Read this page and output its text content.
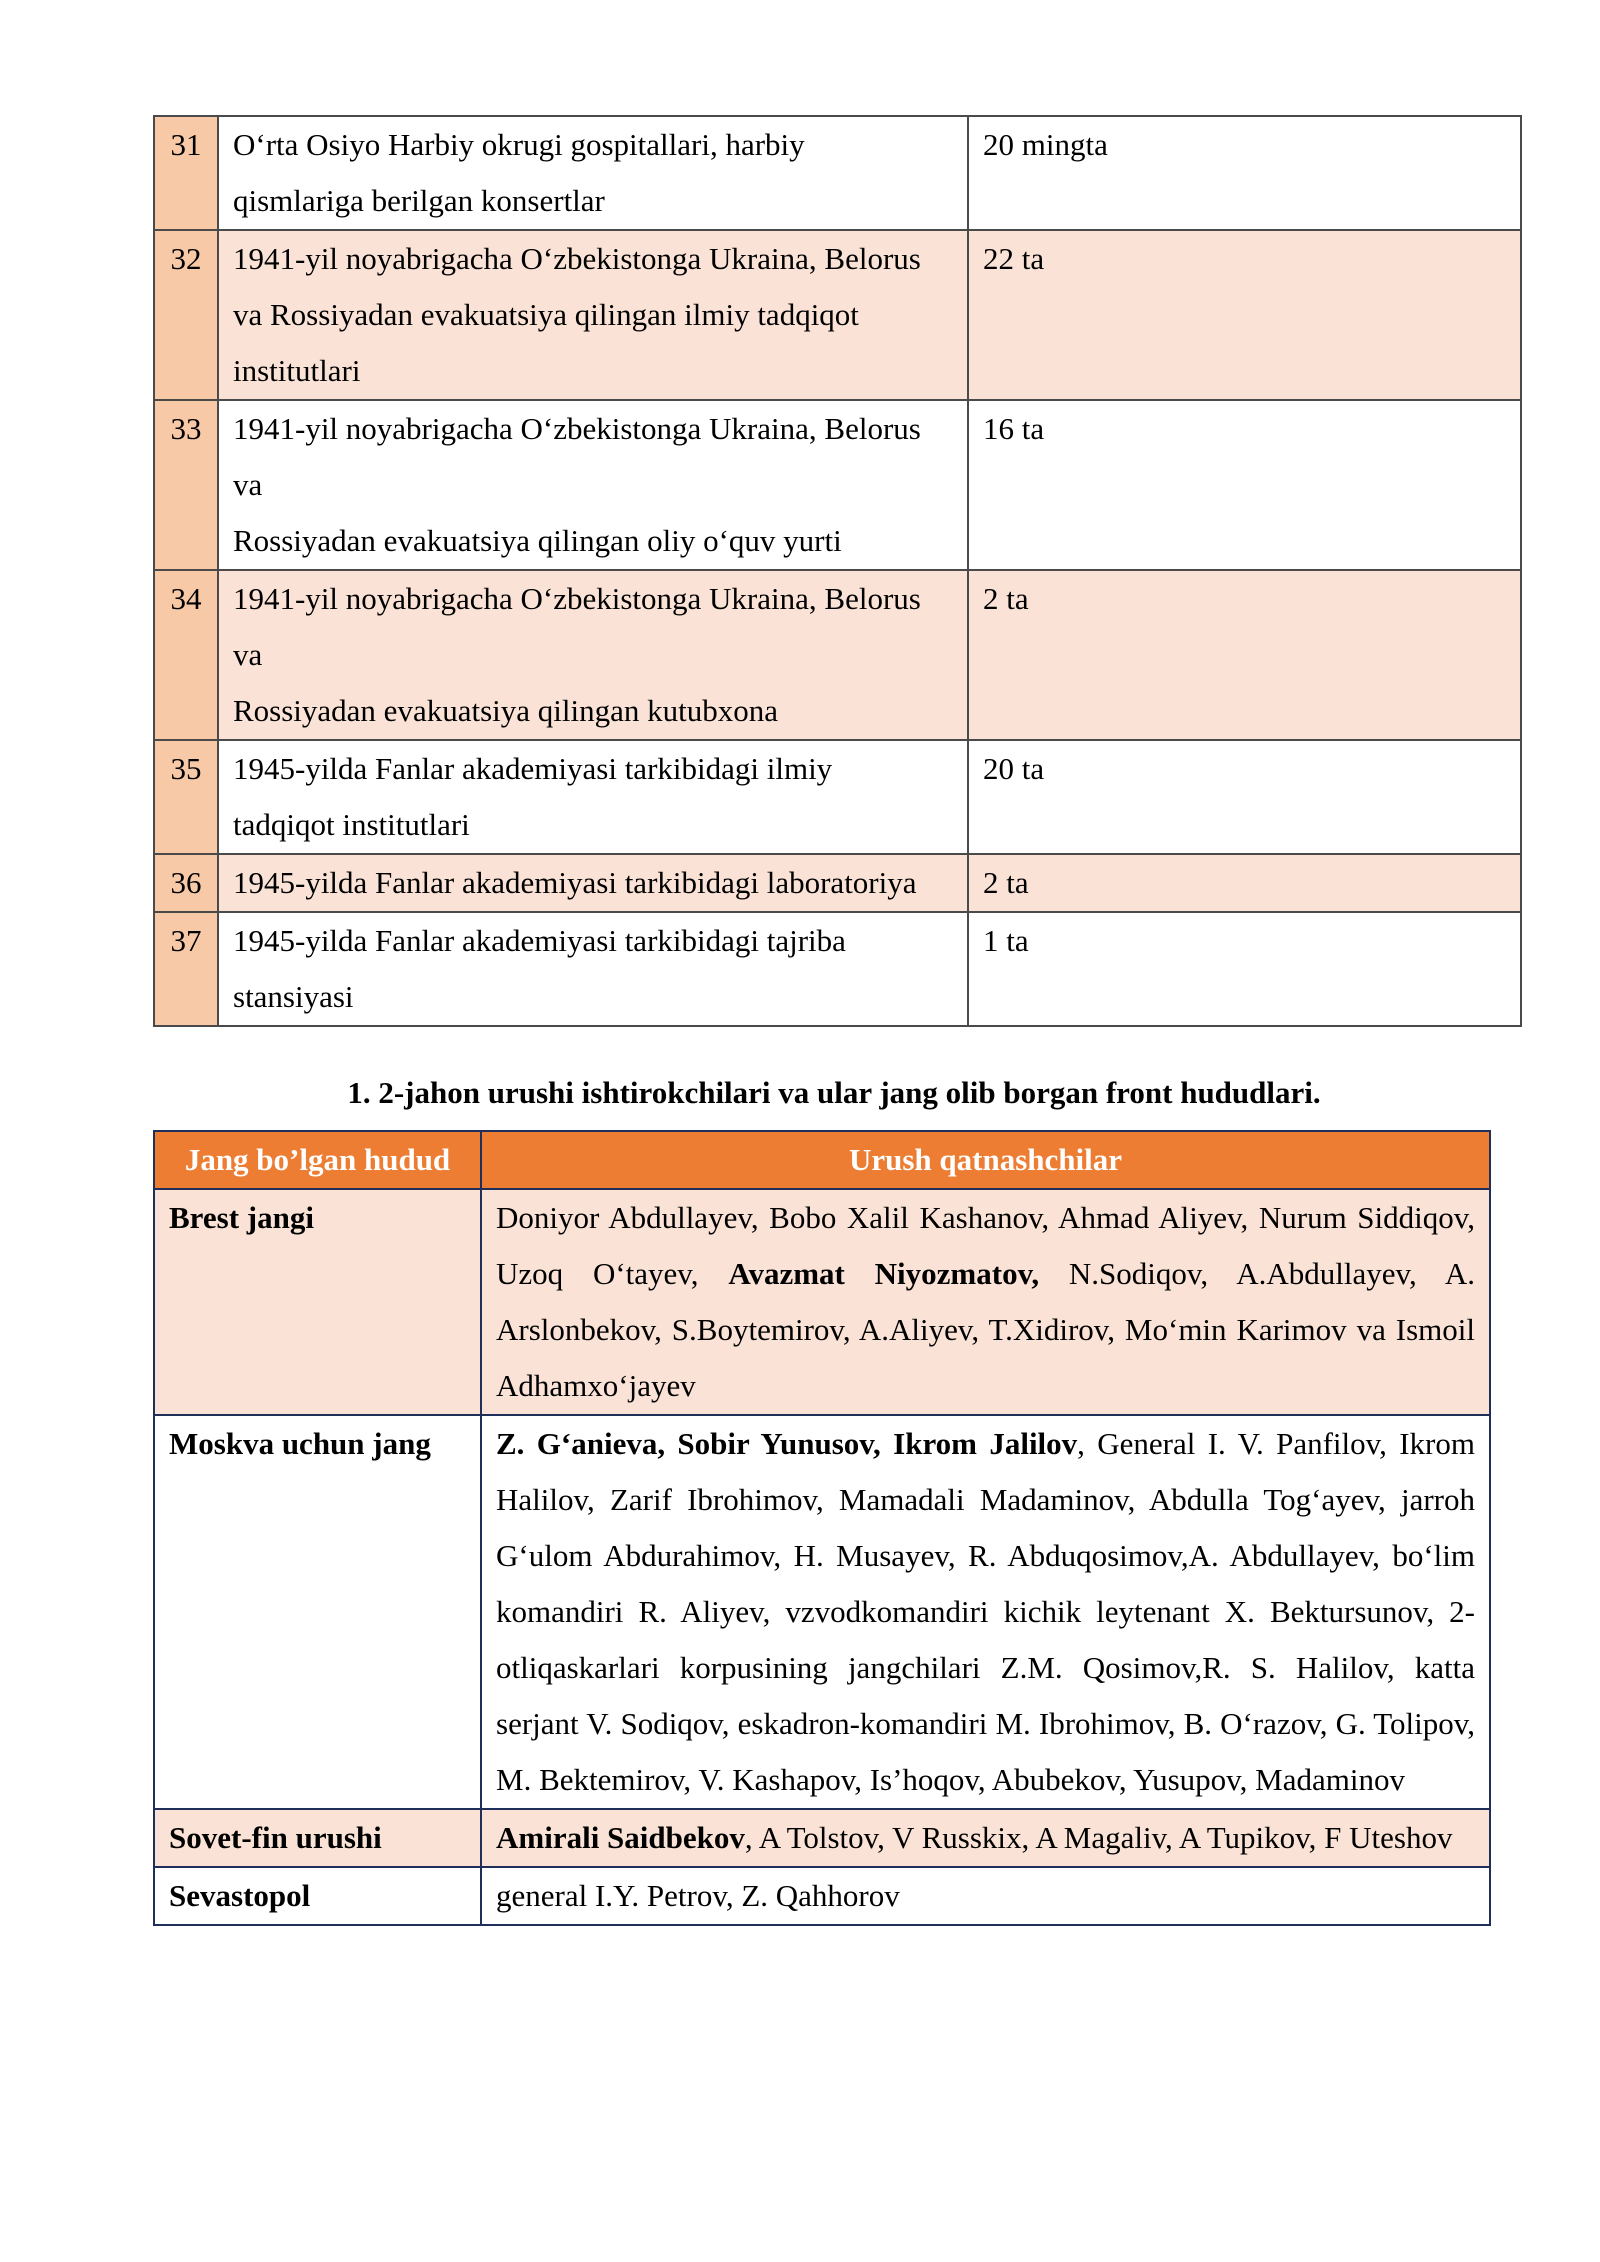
31	O‘rta Osiyo Harbiy okrugi gospitallari, harbiy
qismlariga berilgan konsertlar	20 mingta
32	1941-yil noyabrigacha O‘zbekistonga Ukraina, Belorus
va Rossiyadan evakuatsiya qilingan ilmiy tadqiqot
institutlari	22 ta
33	1941-yil noyabrigacha O‘zbekistonga Ukraina, Belorus
va
Rossiyadan evakuatsiya qilingan oliy o‘quv yurti	16 ta
34	1941-yil noyabrigacha O‘zbekistonga Ukraina, Belorus
va
Rossiyadan evakuatsiya qilingan kutubxona	2 ta
35	1945-yilda Fanlar akademiyasi tarkibidagi ilmiy
tadqiqot institutlari	20 ta
36	1945-yilda Fanlar akademiyasi tarkibidagi laboratoriya	2 ta
37	1945-yilda Fanlar akademiyasi tarkibidagi tajriba
stansiyasi	1 ta

1. 2-jahon urushi ishtirokchilari va ular jang olib borgan front hududlari.

Jang bo’lgan hudud	Urush qatnashchilar
Brest jangi	Doniyor Abdullayev, Bobo Xalil Kashanov, Ahmad Aliyev, Nurum Siddiqov, Uzoq O‘tayev, Avazmat Niyozmatov, N.Sodiqov, A.Abdullayev, A. Arslonbekov, S.Boytemirov, A.Aliyev, T.Xidirov, Mo‘min Karimov va Ismoil Adhamxo‘jayev
Moskva uchun jang	Z. G‘anieva, Sobir Yunusov, Ikrom Jalilov, General I. V. Panfilov, Ikrom Halilov, Zarif Ibrohimov, Mamadali Madaminov, Abdulla Tog‘ayev, jarroh G‘ulom Abdurahimov, H. Musayev, R. Abduqosimov,A. Abdullayev, bo‘lim komandiri R. Aliyev, vzvodkomandiri kichik leytenant X. Bektursunov, 2-otliqaskarlari korpusining jangchilari Z.M. Qosimov,R. S. Halilov, katta serjant V. Sodiqov, eskadron-komandiri M. Ibrohimov, B. O‘razov, G. Tolipov, M. Bektemirov, V. Kashapov, Is’hoqov, Abubekov, Yusupov, Madaminov
Sovet-fin urushi	Amirali Saidbekov, A Tolstov, V Russkix, A Magaliv, A Tupikov, F Uteshov
Sevastopol	general I.Y. Petrov, Z. Qahhorov
